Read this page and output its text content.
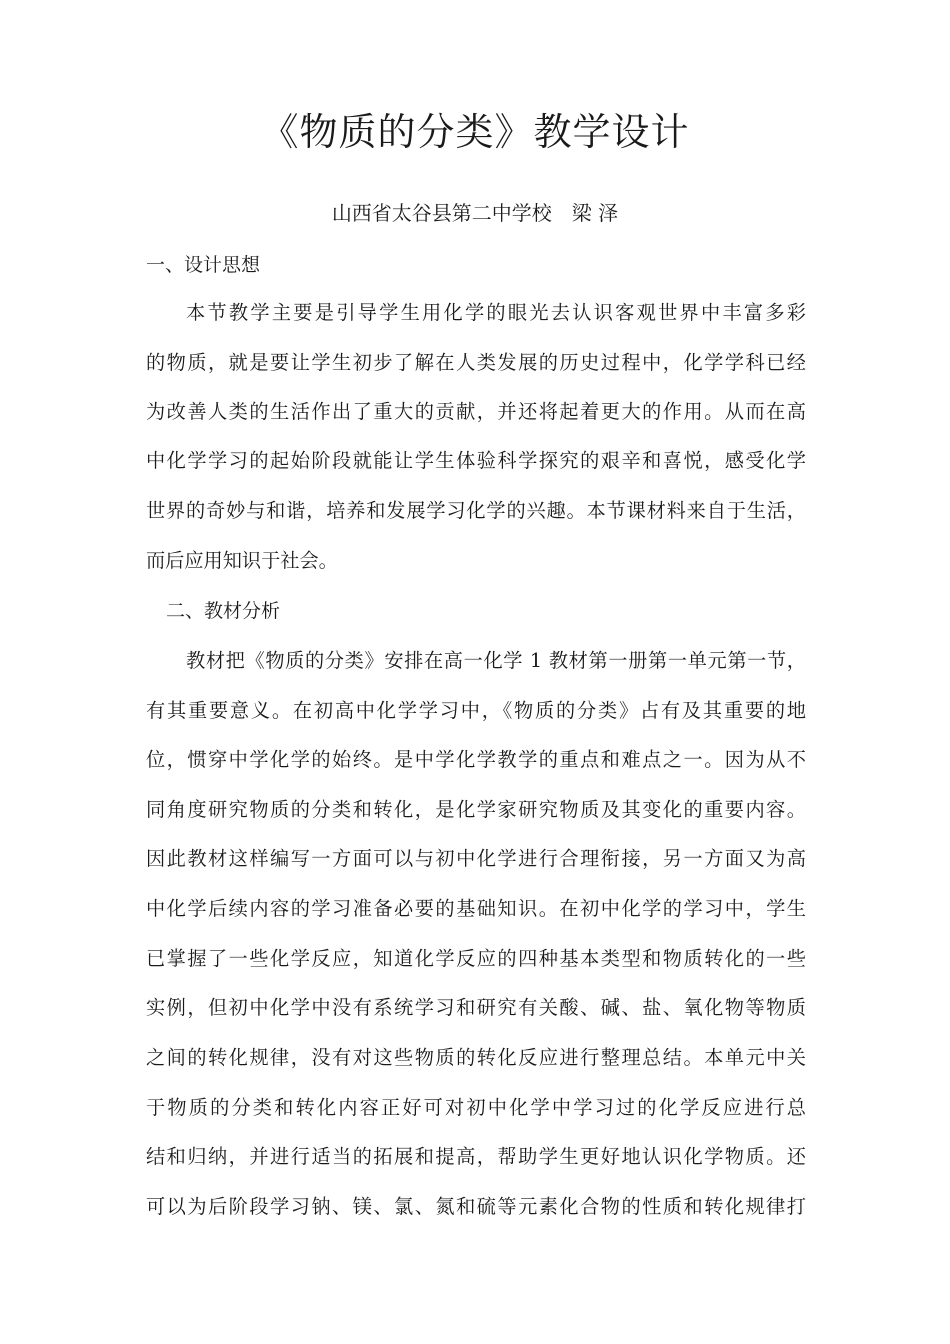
《物质的分类》教学设计
山西省太谷县第二中学校　梁 泽
一、设计思想
本节教学主要是引导学生用化学的眼光去认识客观世界中丰富多彩
的物质，就是要让学生初步了解在人类发展的历史过程中，化学学科已经
为改善人类的生活作出了重大的贡献，并还将起着更大的作用。从而在高
中化学学习的起始阶段就能让学生体验科学探究的艰辛和喜悦，感受化学
世界的奇妙与和谐，培养和发展学习化学的兴趣。本节课材料来自于生活，
而后应用知识于社会。
二、教材分析
教材把《物质的分类》安排在高一化学 1 教材第一册第一单元第一节，
有其重要意义。在初高中化学学习中，《物质的分类》占有及其重要的地
位，惯穿中学化学的始终。是中学化学教学的重点和难点之一。因为从不
同角度研究物质的分类和转化，是化学家研究物质及其变化的重要内容。
因此教材这样编写一方面可以与初中化学进行合理衔接，另一方面又为高
中化学后续内容的学习准备必要的基础知识。在初中化学的学习中，学生
已掌握了一些化学反应，知道化学反应的四种基本类型和物质转化的一些
实例，但初中化学中没有系统学习和研究有关酸、碱、盐、氧化物等物质
之间的转化规律，没有对这些物质的转化反应进行整理总结。本单元中关
于物质的分类和转化内容正好可对初中化学中学习过的化学反应进行总
结和归纳，并进行适当的拓展和提高，帮助学生更好地认识化学物质。还
可以为后阶段学习钠、镁、氯、氮和硫等元素化合物的性质和转化规律打
